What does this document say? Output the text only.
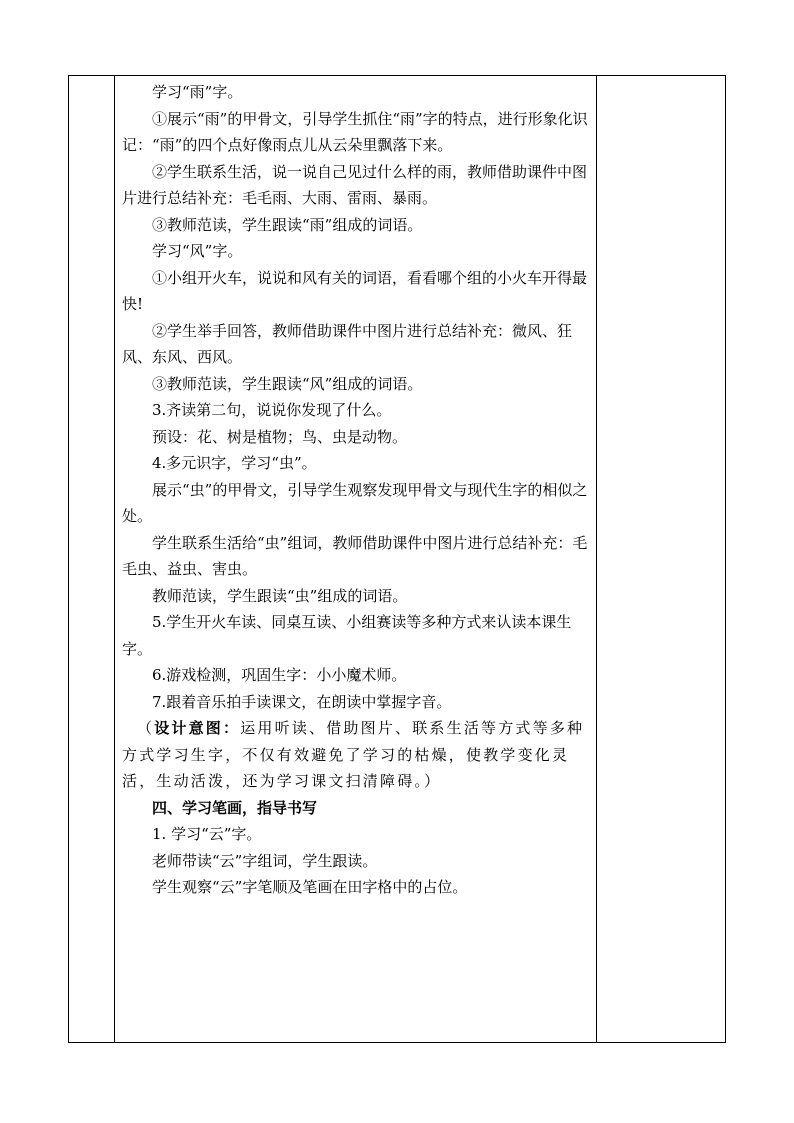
学习“雨”字。

①展示“雨”的甲骨文，引导学生抓住“雨”字的特点，进行形象化识记：“雨”的四个点好像雨点儿从云朵里飘落下来。

②学生联系生活，说一说自己见过什么样的雨，教师借助课件中图片进行总结补充：毛毛雨、大雨、雷雨、暴雨。

③教师范读，学生跟读“雨”组成的词语。

学习“风”字。

①小组开火车，说说和风有关的词语，看看哪个组的小火车开得最快!

②学生举手回答，教师借助课件中图片进行总结补充：微风、狂风、东风、西风。

③教师范读，学生跟读“风”组成的词语。

3.齐读第二句，说说你发现了什么。

预设：花、树是植物；鸟、虫是动物。

4.多元识字，学习“虫”。

展示“虫”的甲骨文，引导学生观察发现甲骨文与现代生字的相似之处。

学生联系生活给“虫”组词，教师借助课件中图片进行总结补充：毛毛虫、益虫、害虫。

教师范读，学生跟读“虫”组成的词语。

5.学生开火车读、同桌互读、小组赛读等多种方式来认读本课生字。

6.游戏检测，巩固生字：小小魔术师。

7.跟着音乐拍手读课文，在朗读中掌握字音。

（设计意图：运用听读、借助图片、联系生活等方式等多种方式学习生字，不仅有效避免了学习的枯燥，使教学变化灵活，生动活泼，还为学习课文扫清障碍。）

四、学习笔画，指导书写

1. 学习“云”字。

老师带读“云”字组词，学生跟读。

学生观察“云”字笔顺及笔画在田字格中的占位。
